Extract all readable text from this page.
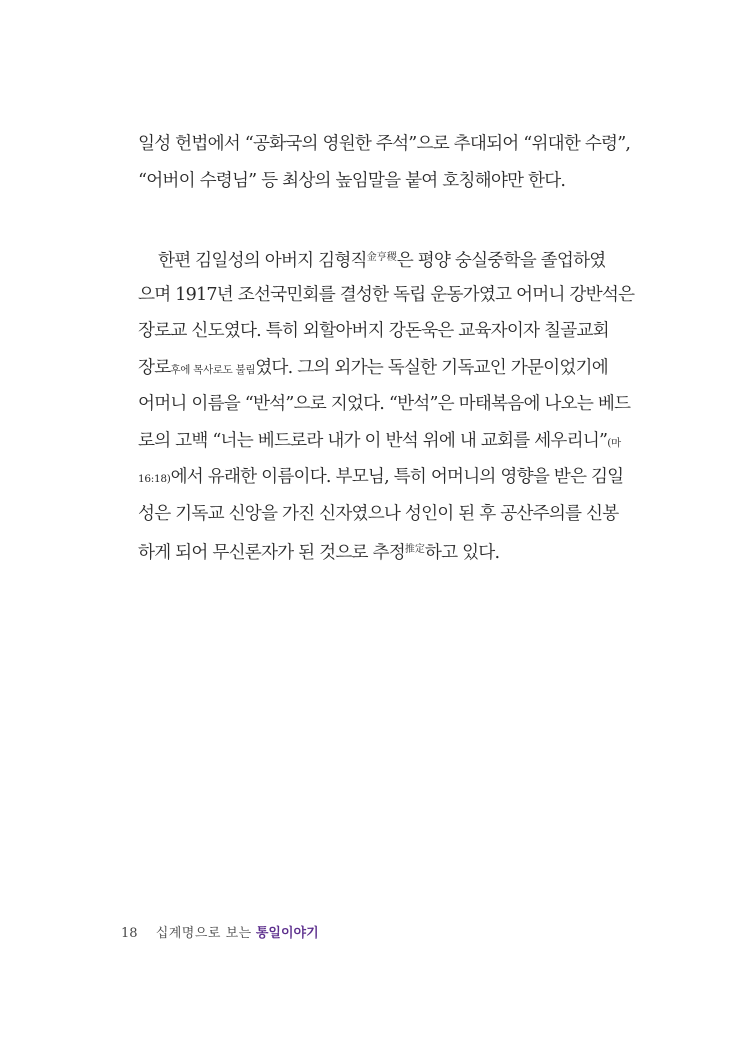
일성 헌법에서 “공화국의 영원한 주석”으로 추대되어 “위대한 수령”,
“어버이 수령님” 등 최상의 높임말을 붙여 호칭해야만 한다.
한편 김일성의 아버지 김형직$^{金亨稷}$은 평양 숭실중학을 졸업하였
으며 1917년 조선국민회를 결성한 독립 운동가였고 어머니 강반석은
장로교 신도였다. 특히 외할아버지 강돈욱은 교육자이자 칠골교회
장로후에 목사로도 불림였다. 그의 외가는 독실한 기독교인 가문이었기에
어머니 이름을 “반석”으로 지었다. “반석”은 마태복음에 나오는 베드
로의 고백 “너는 베드로라 내가 이 반석 위에 내 교회를 세우리니”(마
16:18)에서 유래한 이름이다. 부모님, 특히 어머니의 영향을 받은 김일
성은 기독교 신앙을 가진 신자였으나 성인이 된 후 공산주의를 신봉
하게 되어 무신론자가 된 것으로 추정$^{推定}$하고 있다.
18 십계명으로 보는 통일이야기
